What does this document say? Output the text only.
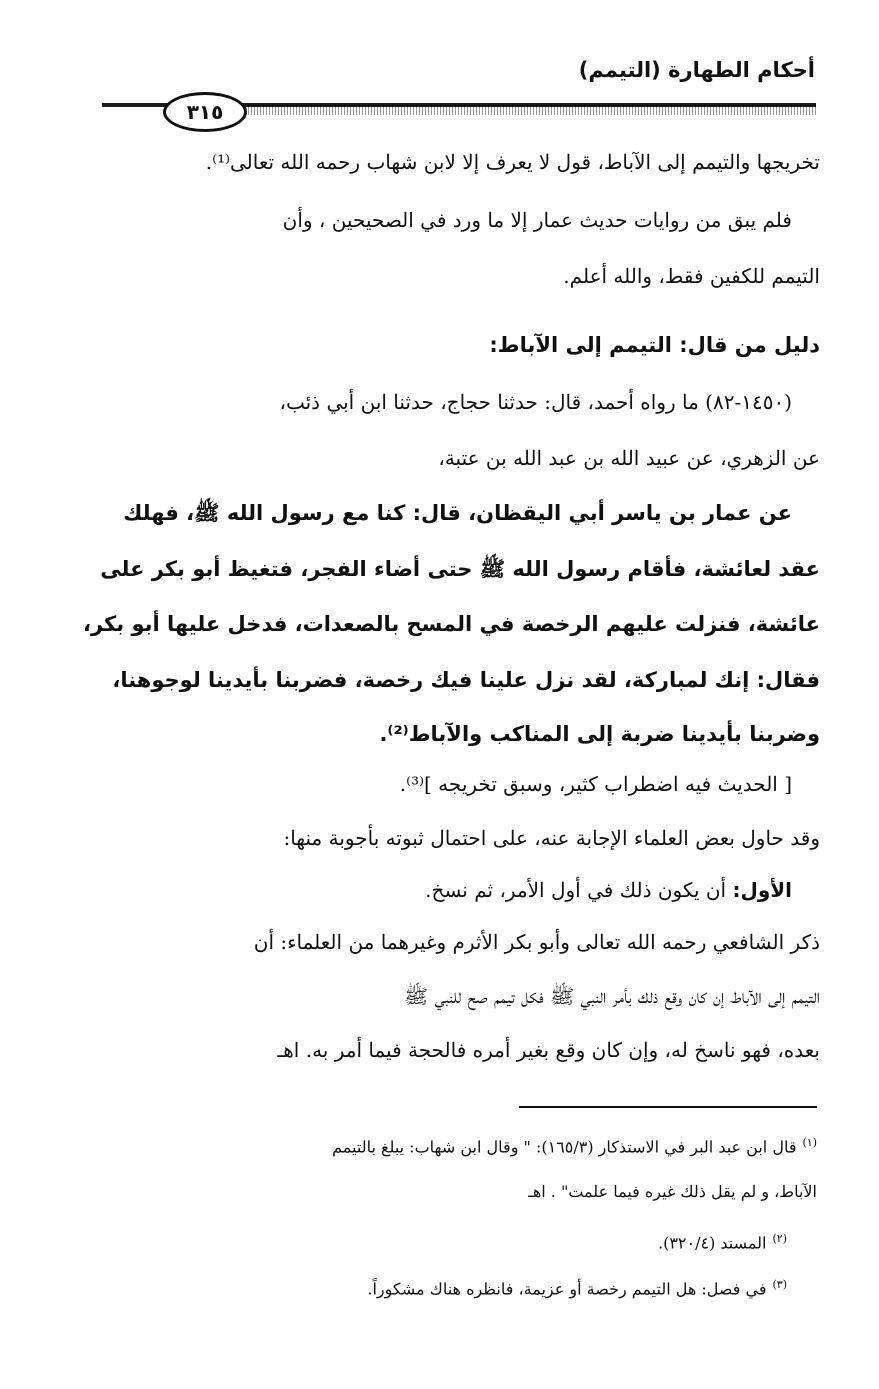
أحكام الطهارة (التيمم)
٣١٥
تخريجها والتيمم إلى الآباط، قول لا يعرف إلا لابن شهاب رحمه الله تعالى⁽¹⁾.
فلم يبق من روايات حديث عمار إلا ما ورد في الصحيحين ، وأن
التيمم للكفين فقط، والله أعلم.
دليل من قال: التيمم إلى الآباط:
(١٤٥٠-٨٢) ما رواه أحمد، قال: حدثنا حجاج، حدثنا ابن أبي ذئب،
عن الزهري، عن عبيد الله بن عبد الله بن عتبة،
عن عمار بن ياسر أبي اليقظان، قال: كنا مع رسول الله ﷺ، فهلك
عقد لعائشة، فأقام رسول الله ﷺ حتى أضاء الفجر، فتغيظ أبو بكر على
عائشة، فنزلت عليهم الرخصة في المسح بالصعدات، فدخل عليها أبو بكر،
فقال: إنك لمباركة، لقد نزل علينا فيك رخصة، فضربنا بأيدينا لوجوهنا،
وضربنا بأيدينا ضربة إلى المناكب والآباط⁽²⁾.
[ الحديث فيه اضطراب كثير، وسبق تخريجه ]⁽³⁾.
وقد حاول بعض العلماء الإجابة عنه، على احتمال ثبوته بأجوبة منها:
الأول: أن يكون ذلك في أول الأمر، ثم نسخ.
ذكر الشافعي رحمه الله تعالى وأبو بكر الأثرم وغيرهما من العلماء: أن
التيمم إلى الآباط إن كان وقع ذلك بأمر النبي ﷺ فكل تيمم صح للنبي ﷺ
بعده، فهو ناسخ له، وإن كان وقع بغير أمره فالحجة فيما أمر به. اهـ
$^{(١)}$قال ابن عبد البر في الاستذكار (١٦٥/٣): " وقال ابن شهاب: يبلغ بالتيمم
الآباط، و لم يقل ذلك غيره فيما علمت" . اهـ
$^{(٢)}$المسند (٣٢٠/٤).
$^{(٣)}$في فصل: هل التيمم رخصة أو عزيمة، فانظره هناك مشكوراً.
